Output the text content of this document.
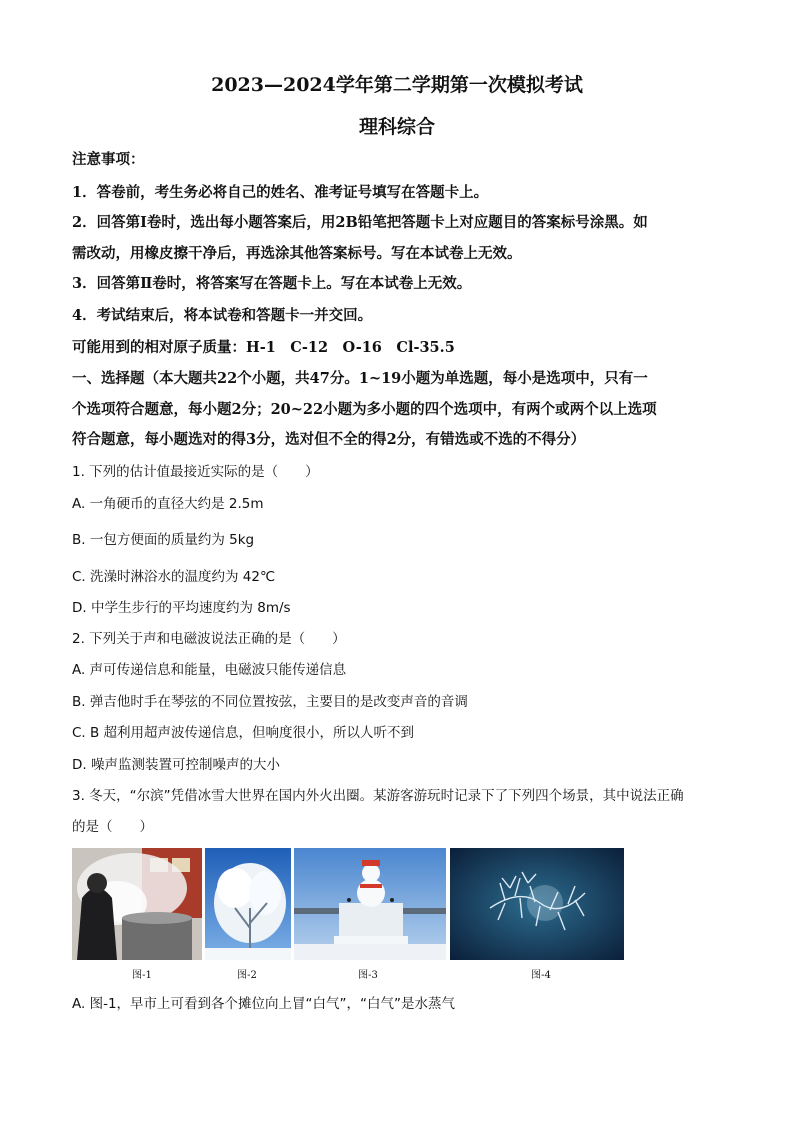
2023—2024学年第二学期第一次模拟考试
理科综合
注意事项：
1．答卷前，考生务必将自己的姓名、准考证号填写在答题卡上。
2．回答第Ⅰ卷时，选出每小题答案后，用2B铅笔把答题卡上对应题目的答案标号涂黑。如
需改动，用橡皮擦干净后，再选涂其他答案标号。写在本试卷上无效。
3．回答第Ⅱ卷时，将答案写在答题卡上。写在本试卷上无效。
4．考试结束后，将本试卷和答题卡一并交回。
可能用到的相对原子质量：H-1　C-12　O-16　Cl-35.5
一、选择题（本大题共22个小题，共47分。1~19小题为单选题，每小是选项中，只有一
个选项符合题意，每小题2分；20~22小题为多小题的四个选项中，有两个或两个以上选项
符合题意，每小题选对的得3分，选对但不全的得2分，有错选或不选的不得分）
1. 下列的估计值最接近实际的是（　　）
A. 一角硬币的直径大约是 2.5m
B. 一包方便面的质量约为 5kg
C. 洗澡时淋浴水的温度约为 42℃
D. 中学生步行的平均速度约为 8m/s
2. 下列关于声和电磁波说法正确的是（　　）
A. 声可传递信息和能量，电磁波只能传递信息
B. 弹吉他时手在琴弦的不同位置按弦，主要目的是改变声音的音调
C. B 超利用超声波传递信息，但响度很小，所以人听不到
D. 噪声监测装置可控制噪声的大小
3. 冬天，“尔滨”凭借冰雪大世界在国内外火出圈。某游客游玩时记录下了下列四个场景，其中说法正确
的是（　　）
图-1	图-2	图-3	图-4
A. 图-1，早市上可看到各个摊位向上冒“白气”，“白气”是水蒸气
